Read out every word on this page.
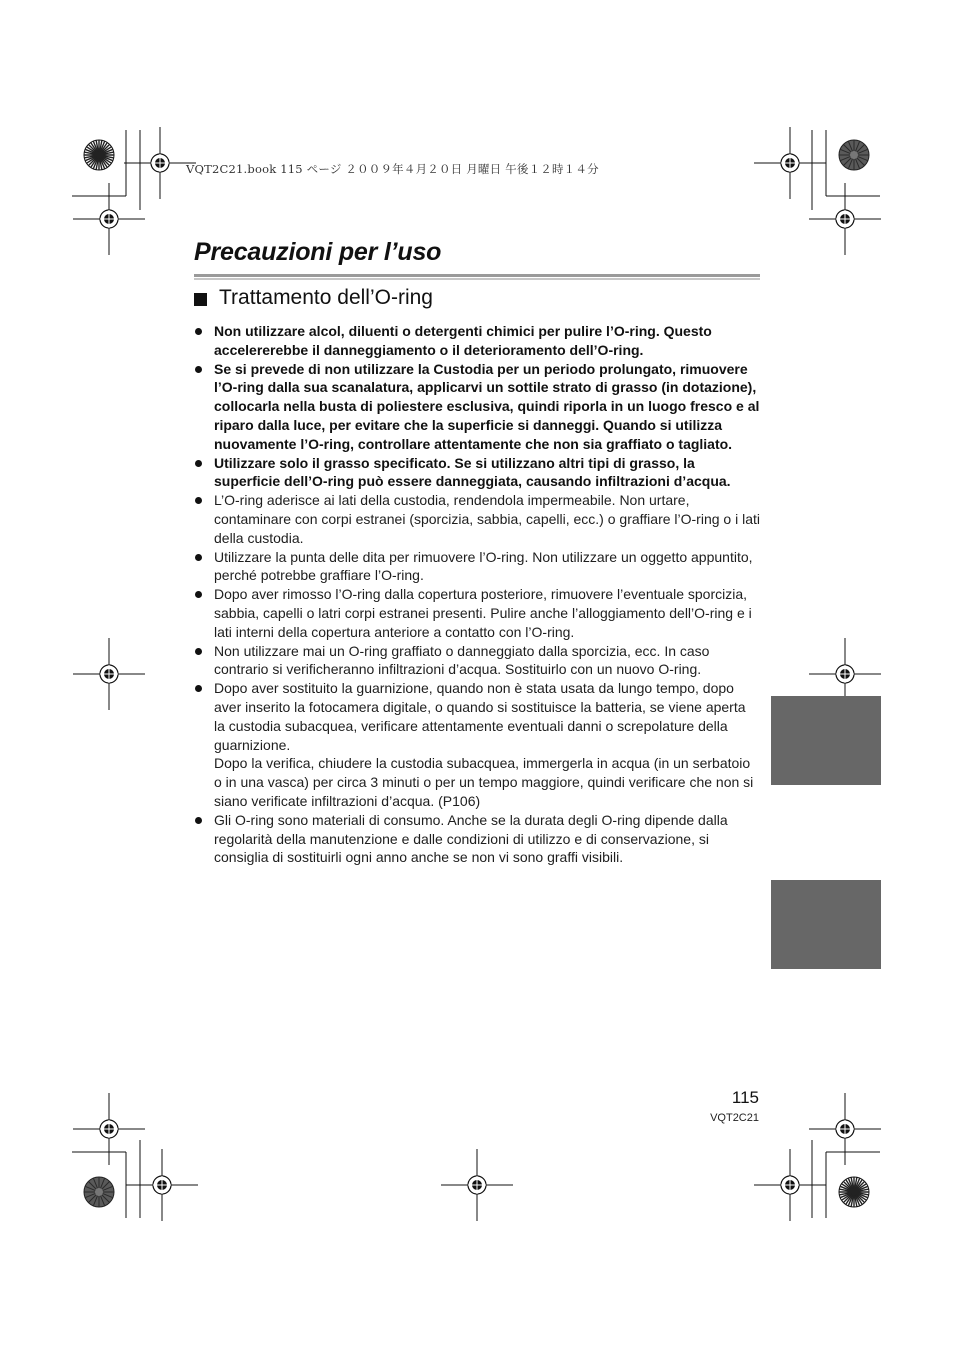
VQT2C21.book 115 ページ ２００９年４月２０日 月曜日 午後１２時１４分
Precauzioni per l’uso
Trattamento dell’O-ring
Non utilizzare alcol, diluenti o detergenti chimici per pulire l’O-ring. Questo accelererebbe il danneggiamento o il deterioramento dell’O-ring.
Se si prevede di non utilizzare la Custodia per un periodo prolungato, rimuovere l’O-ring dalla sua scanalatura, applicarvi un sottile strato di grasso (in dotazione), collocarla nella busta di poliestere esclusiva, quindi riporla in un luogo fresco e al riparo dalla luce, per evitare che la superficie si danneggi. Quando si utilizza nuovamente l’O-ring, controllare attentamente che non sia graffiato o tagliato.
Utilizzare solo il grasso specificato. Se si utilizzano altri tipi di grasso, la superficie dell’O-ring può essere danneggiata, causando infiltrazioni d’acqua.
L’O-ring aderisce ai lati della custodia, rendendola impermeabile. Non urtare, contaminare con corpi estranei (sporcizia, sabbia, capelli, ecc.) o graffiare l’O-ring o i lati della custodia.
Utilizzare la punta delle dita per rimuovere l’O-ring. Non utilizzare un oggetto appuntito, perché potrebbe graffiare l’O-ring.
Dopo aver rimosso l’O-ring dalla copertura posteriore, rimuovere l’eventuale sporcizia, sabbia, capelli o latri corpi estranei presenti. Pulire anche l’alloggiamento dell’O-ring e i lati interni della copertura anteriore a contatto con l’O-ring.
Non utilizzare mai un O-ring graffiato o danneggiato dalla sporcizia, ecc. In caso contrario si verificheranno infiltrazioni d’acqua. Sostituirlo con un nuovo O-ring.
Dopo aver sostituito la guarnizione, quando non è stata usata da lungo tempo, dopo aver inserito la fotocamera digitale, o quando si sostituisce la batteria, se viene aperta la custodia subacquea, verificare attentamente eventuali danni o screpolature della guarnizione.
Dopo la verifica, chiudere la custodia subacquea, immergerla in acqua (in un serbatoio o in una vasca) per circa 3 minuti o per un tempo maggiore, quindi verificare che non si siano verificate infiltrazioni d’acqua. (P106)
Gli O-ring sono materiali di consumo. Anche se la durata degli O-ring dipende dalla regolarità della manutenzione e dalle condizioni di utilizzo e di conservazione, si consiglia di sostituirli ogni anno anche se non vi sono graffi visibili.
115
VQT2C21
